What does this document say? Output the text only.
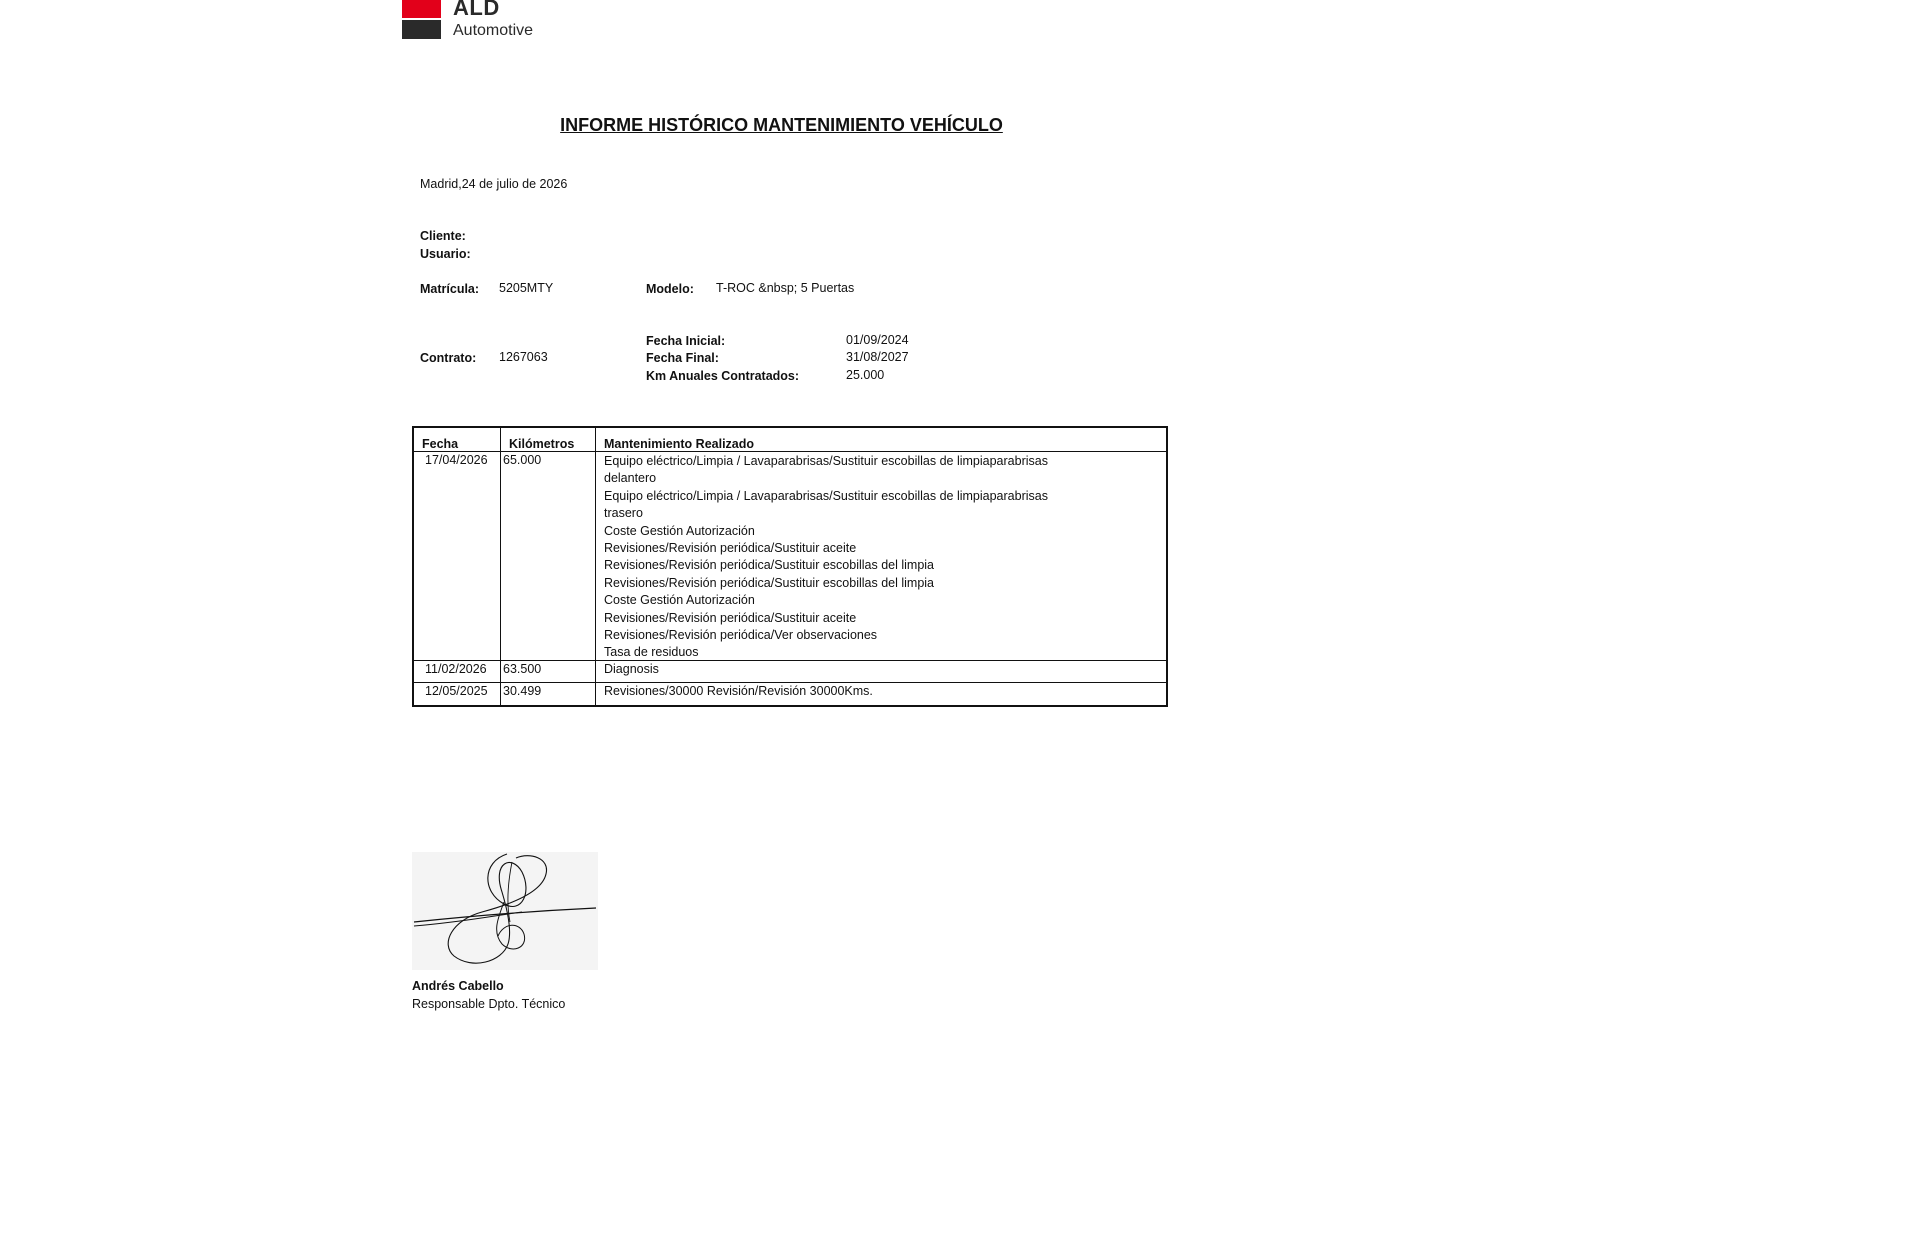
ALD
Automotive
INFORME HISTÓRICO MANTENIMIENTO VEHÍCULO
Madrid,24 de julio de 2026
Cliente:
Usuario:
Matrícula: 5205MTY	Modelo: T-ROC &nbsp; 5 Puertas
Contrato: 1267063
Fecha Inicial:	01/09/2024
Fecha Final:	31/08/2027
Km Anuales Contratados:	25.000
Fecha	Kilómetros Mantenimiento Realizado
17/04/2026 65.000	Equipo eléctrico/Limpia / Lavaparabrisas/Sustituir escobillas de limpiaparabrisas
delantero
Equipo eléctrico/Limpia / Lavaparabrisas/Sustituir escobillas de limpiaparabrisas
trasero
Coste Gestión Autorización
Revisiones/Revisión periódica/Sustituir aceite
Revisiones/Revisión periódica/Sustituir escobillas del limpia
Revisiones/Revisión periódica/Sustituir escobillas del limpia
Coste Gestión Autorización
Revisiones/Revisión periódica/Sustituir aceite
Revisiones/Revisión periódica/Ver observaciones
Tasa de residuos
11/02/2026 63.500	Diagnosis
12/05/2025 30.499	Revisiones/30000 Revisión/Revisión 30000Kms.
Andrés Cabello
Responsable Dpto. Técnico
